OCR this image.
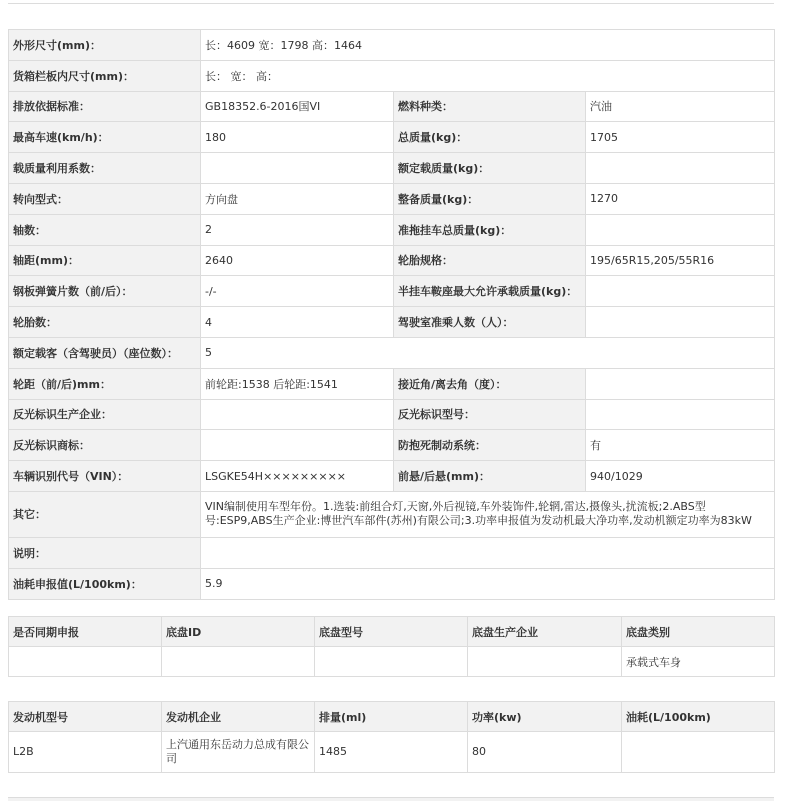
外形尺寸(mm)：	长：4609 宽：1798 高：1464		
货箱栏板内尺寸(mm)：	长： 宽： 高：		
排放依据标准：	GB18352.6-2016国VI	燃料种类：	汽油
最高车速(km/h)：	180	总质量(kg)：	1705
载质量利用系数：		额定载质量(kg)：	
转向型式：	方向盘	整备质量(kg)：	1270
轴数：	2	准拖挂车总质量(kg)：	
轴距(mm)：	2640	轮胎规格：	195/65R15,205/55R16
钢板弹簧片数（前/后）：	-/-	半挂车鞍座最大允许承载质量(kg)：	
轮胎数：	4	驾驶室准乘人数（人）：	
额定载客（含驾驶员）（座位数）：	5		
轮距（前/后)mm：	前轮距:1538 后轮距:1541	接近角/离去角（度）：	
反光标识生产企业：		反光标识型号：	
反光标识商标：		防抱死制动系统：	有
车辆识别代号（VIN）：	LSGKE54H×××××××××	前悬/后悬(mm)：	940/1029
其它：	VIN编制使用车型年份。1.选装:前组合灯,天窗,外后视镜,车外装饰件,轮辋,雷达,摄像头,扰流板;2.ABS型号:ESP9,ABS生产企业:博世汽车部件(苏州)有限公司;3.功率申报值为发动机最大净功率,发动机额定功率为83kW		
说明：			
油耗申报值(L/100km)：	5.9		
是否同期申报	底盘ID	底盘型号	底盘生产企业	底盘类别
				承载式车身
发动机型号	发动机企业	排量(ml)	功率(kw)	油耗(L/100km)
L2B	上汽通用东岳动力总成有限公司	1485	80	
